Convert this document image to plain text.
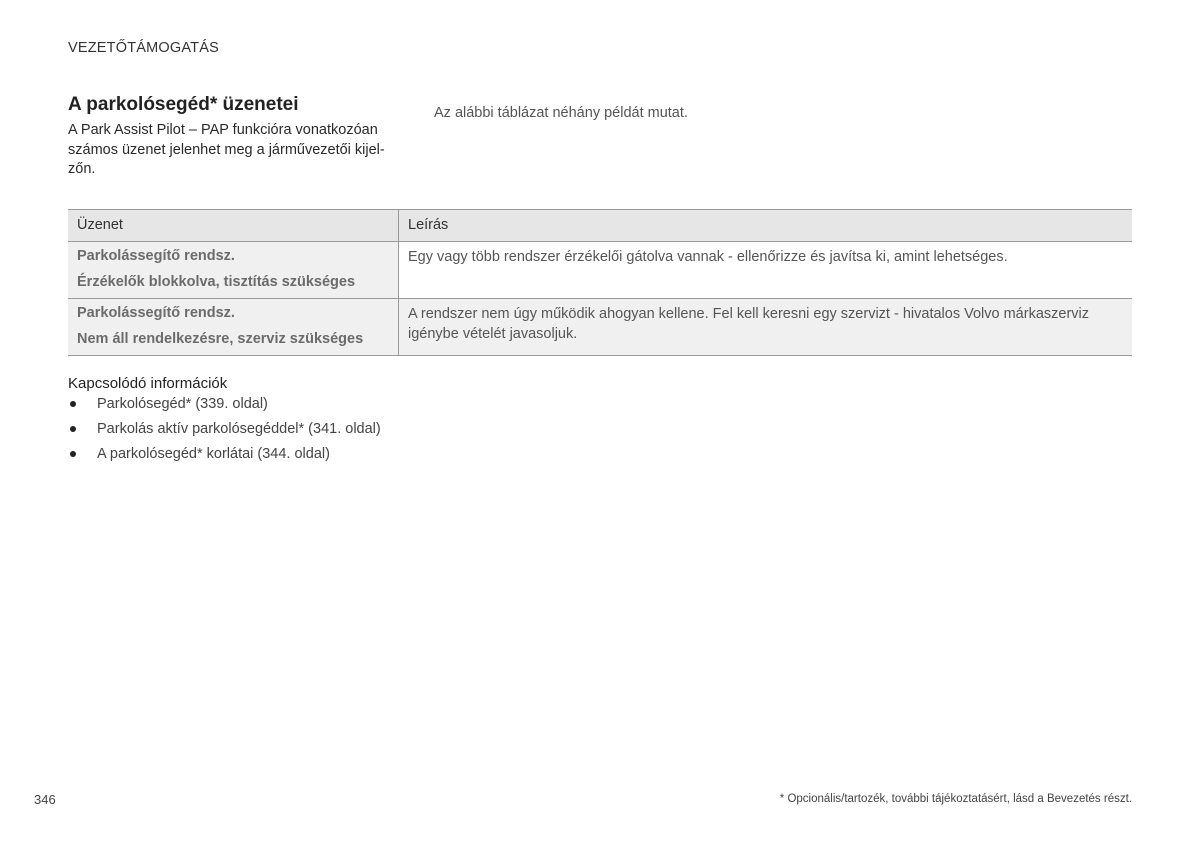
VEZETŐTÁMOGATÁS
A parkolósegéd* üzenetei

A Park Assist Pilot – PAP funkcióra vonatkozóan számos üzenet jelenhet meg a járművezetői kijel-zőn.

Az alábbi táblázat néhány példát mutat.

Üzenet	Leírás

Parkolássegítő rendsz.
Érzékelők blokkolva, tisztítás szükséges	Egy vagy több rendszer érzékelői gátolva vannak - ellenőrizze és javítsa ki, amint lehetséges.

Parkolássegítő rendsz.
Nem áll rendelkezésre, szerviz szükséges	A rendszer nem úgy működik ahogyan kellene. Fel kell keresni egy szervizt - hivatalos Volvo márkaszerviz igénybe vételét javasoljuk.
Kapcsolódó információk
Parkolósegéd* (339. oldal)
Parkolás aktív parkolósegéddel* (341. oldal)
A parkolósegéd* korlátai (344. oldal)
346	* Opcionális/tartozék, további tájékoztatásért, lásd a Bevezetés részt.
